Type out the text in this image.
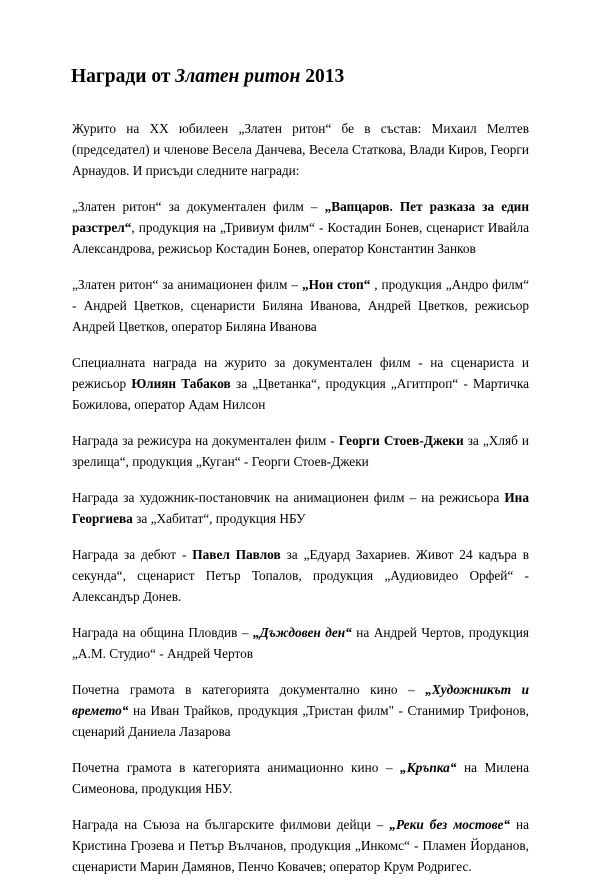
Награди от Златен ритон 2013

Журито на XX юбилеен „Златен ритон“ бе в състав: Михаил Мелтев (председател) и членове Весела Данчева, Весела Статкова, Влади Киров, Георги Арнаудов. И присъди следните награди:

„Златен ритон“ за документален филм – „Вапцаров. Пет разказа за един разстрел“, продукция на „Тривиум филм“ - Костадин Бонев, сценарист Ивайла Александрова, режисьор Костадин Бонев, оператор Константин Занков

„Златен ритон“ за анимационен филм – „Нон стоп“ , продукция „Андро филм“ - Андрей Цветков, сценаристи Биляна Иванова, Андрей Цветков, режисьор Андрей Цветков, оператор Биляна Иванова

Специалната награда на журито за документален филм - на сценариста и режисьор Юлиян Табаков за „Цветанка“, продукция „Агитпроп“ - Мартичка Божилова, оператор Адам Нилсон

Награда за режисура на документален филм - Георги Стоев-Джеки за „Хляб и зрелища“, продукция „Куган“ - Георги Стоев-Джеки

Награда за художник-постановчик на анимационен филм – на режисьора Ина Георгиева за „Хабитат“, продукция НБУ

Награда за дебют - Павел Павлов за „Едуард Захариев. Живот 24 кадъра в секунда“, сценарист Петър Топалов, продукция „Аудиовидео Орфей“ - Александър Донев.

Награда на община Пловдив – „Дъждовен ден“ на Андрей Чертов, продукция „А.М. Студио“ - Андрей Чертов

Почетна грамота в категорията документално кино – „Художникът и времето“ на Иван Трайков, продукция „Тристан филм" - Станимир Трифонов, сценарий Даниела Лазарова

Почетна грамота в категорията анимационно кино – „Кръпка“ на Милена Симеонова, продукция НБУ.

Награда на Съюза на българските филмови дейци – „Реки без мостове“ на Кристина Грозева и Петър Вълчанов, продукция „Инкомс“ - Пламен Йорданов, сценаристи Марин Дамянов, Пенчо Ковачев; оператор Крум Родригес.
